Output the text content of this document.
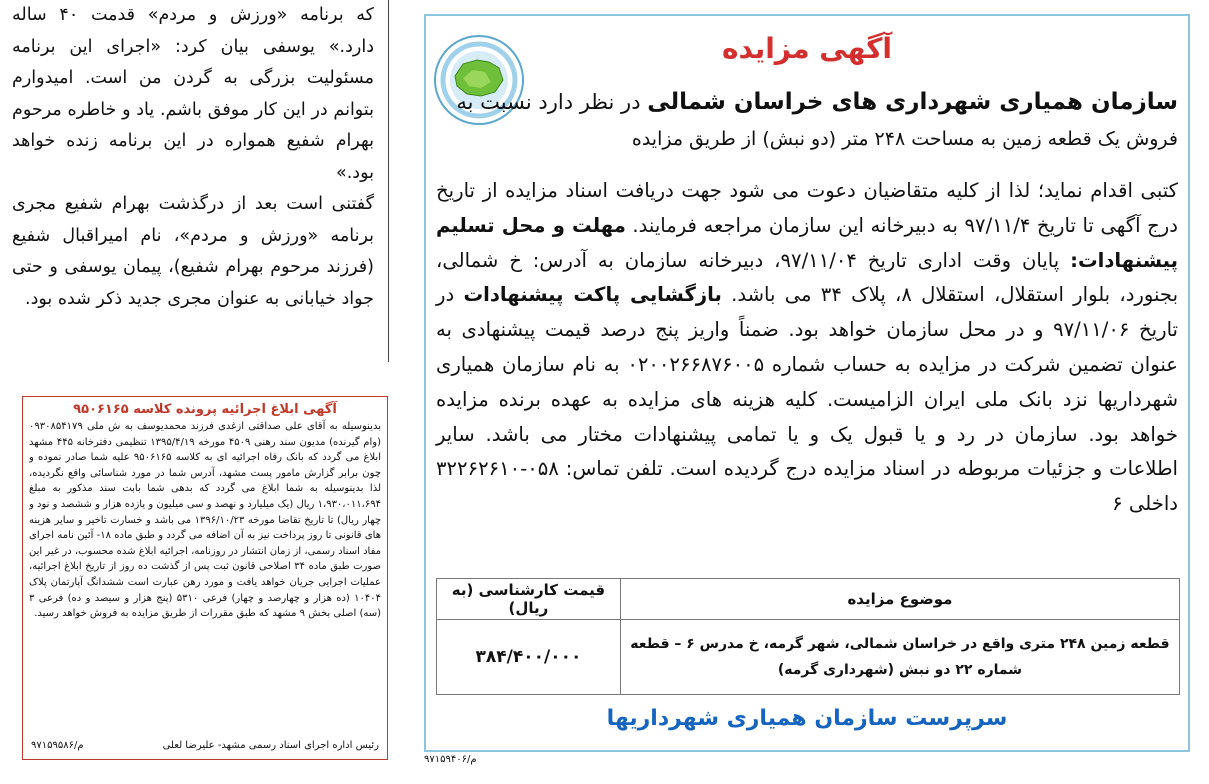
که برنامه «ورزش و مردم» قدمت ۴۰ ساله دارد.» یوسفی بیان کرد: «اجرای این برنامه مسئولیت بزرگی به گردن من است. امیدوارم بتوانم در این کار موفق باشم. یاد و خاطره مرحوم بهرام شفیع همواره در این برنامه زنده خواهد بود.»

گفتنی است بعد از درگذشت بهرام شفیع مجری برنامه «ورزش و مردم»، نام امیراقبال شفیع (فرزند مرحوم بهرام شفیع)، پیمان یوسفی و حتی جواد خیابانی به عنوان مجری جدید ذکر شده بود.

آگهی ابلاغ اجرائیه پرونده کلاسه ۹۵۰۶۱۶۵
بدینوسیله به آقای علی صداقتی ازغدی فرزند محمدیوسف به ش ملی ۰۹۳۰۸۵۴۱۷۹ (وام گیرنده) مدیون سند رهنی ۴۵۰۹ مورخه ۱۳۹۵/۴/۱۹ تنظیمی دفترخانه ۴۴۵ مشهد ابلاغ می گردد که بانک رفاه اجرائیه ای به کلاسه ۹۵۰۶۱۶۵ علیه شما صادر نموده و چون برابر گزارش مامور پست مشهد، آدرس شما در مورد شناسائی واقع نگردیده، لذا بدینوسیله به شما ابلاغ می گردد که بدهی شما بابت سند مذکور به مبلغ ۱،۹۳۰،۰۱۱،۶۹۴ ریال (یک میلیارد و نهصد و سی میلیون و یازده هزار و ششصد و نود و چهار ریال) تا تاریخ تقاضا مورخه ۱۳۹۶/۱۰/۲۳ می باشد و خسارت تاخیر و سایر هزینه های قانونی تا روز پرداخت نیز به آن اضافه می گردد و طبق ماده ۱۸- آئین نامه اجرای مفاد اسناد رسمی، از زمان انتشار در روزنامه، اجرائیه ابلاغ شده محسوب، در غیر این صورت طبق ماده ۳۴ اصلاحی قانون ثبت پس از گذشت ده روز از تاریخ ابلاغ اجرائیه، عملیات اجرایی جریان خواهد یافت و مورد رهن عبارت است ششدانگ آپارتمان پلاک ۱۰۴۰۴ (ده هزار و چهارصد و چهار) فرعی ۵۳۱۰ (پنج هزار و سیصد و ده) فرعی ۳ (سه) اصلی بخش ۹ مشهد که طبق مقررات از طریق مزایده به فروش خواهد رسید.
رئیس اداره اجرای اسناد رسمی مشهد- علیرضا لعلی
۹۷۱۵۹۵۸۶/م
آگهی مزایده
سازمان همیاری شهرداری های خراسان شمالی در نظر دارد نسبت به
فروش یک قطعه زمین به مساحت ۲۴۸ متر (دو نبش) از طریق مزایده

کتبی اقدام نماید؛ لذا از کلیه متقاضیان دعوت می شود جهت دریافت اسناد مزایده از تاریخ درج آگهی تا تاریخ ۹۷/۱۱/۴ به دبیرخانه این سازمان مراجعه فرمایند. مهلت و محل تسلیم پیشنهادات: پایان وقت اداری تاریخ ۹۷/۱۱/۰۴، دبیرخانه سازمان به آدرس: خ شمالی، بجنورد، بلوار استقلال، استقلال ۸، پلاک ۳۴ می باشد. بازگشایی پاکت پیشنهادات در تاریخ ۹۷/۱۱/۰۶ و در محل سازمان خواهد بود. ضمناً واریز پنج درصد قیمت پیشنهادی به عنوان تضمین شرکت در مزایده به حساب شماره ۰۲۰۰۲۶۶۸۷۶۰۰۵ به نام سازمان همیاری شهرداریها نزد بانک ملی ایران الزامیست. کلیه هزینه های مزایده به عهده برنده مزایده خواهد بود. سازمان در رد و یا قبول یک و یا تمامی پیشنهادات مختار می باشد. سایر اطلاعات و جزئیات مربوطه در اسناد مزایده درج گردیده است. تلفن تماس: ۰۵۸-۳۲۲۶۲۶۱۰ داخلی ۶

موضوع مزایده	قیمت کارشناسی (به ریال)
قطعه زمین ۲۴۸ متری واقع در خراسان شمالی، شهر گرمه، خ مدرس ۶ – قطعه شماره ۲۲ دو نبش (شهرداری گرمه)	۳۸۴/۴۰۰/۰۰۰
سرپرست سازمان همیاری شهرداریها
۹۷۱۵۹۴۰۶/م
